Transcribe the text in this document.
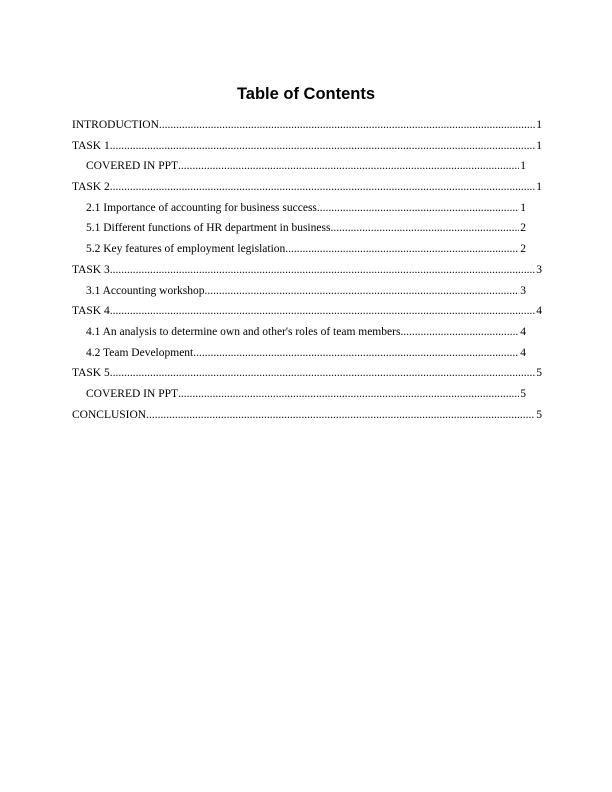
Table of Contents
INTRODUCTION .....	1
TASK 1 .....	1
COVERED IN PPT .....	1
TASK 2 .....	1
2.1 Importance of accounting for business success .....	1
5.1 Different functions of HR department in business .....	2
5.2 Key features of employment legislation .....	2
TASK 3 .....	3
3.1 Accounting workshop .....	3
TASK 4 .....	4
4.1 An analysis to determine own and other's roles of team members .....	4
4.2 Team Development .....	4
TASK 5 .....	5
COVERED IN PPT .....	5
CONCLUSION .....	5
